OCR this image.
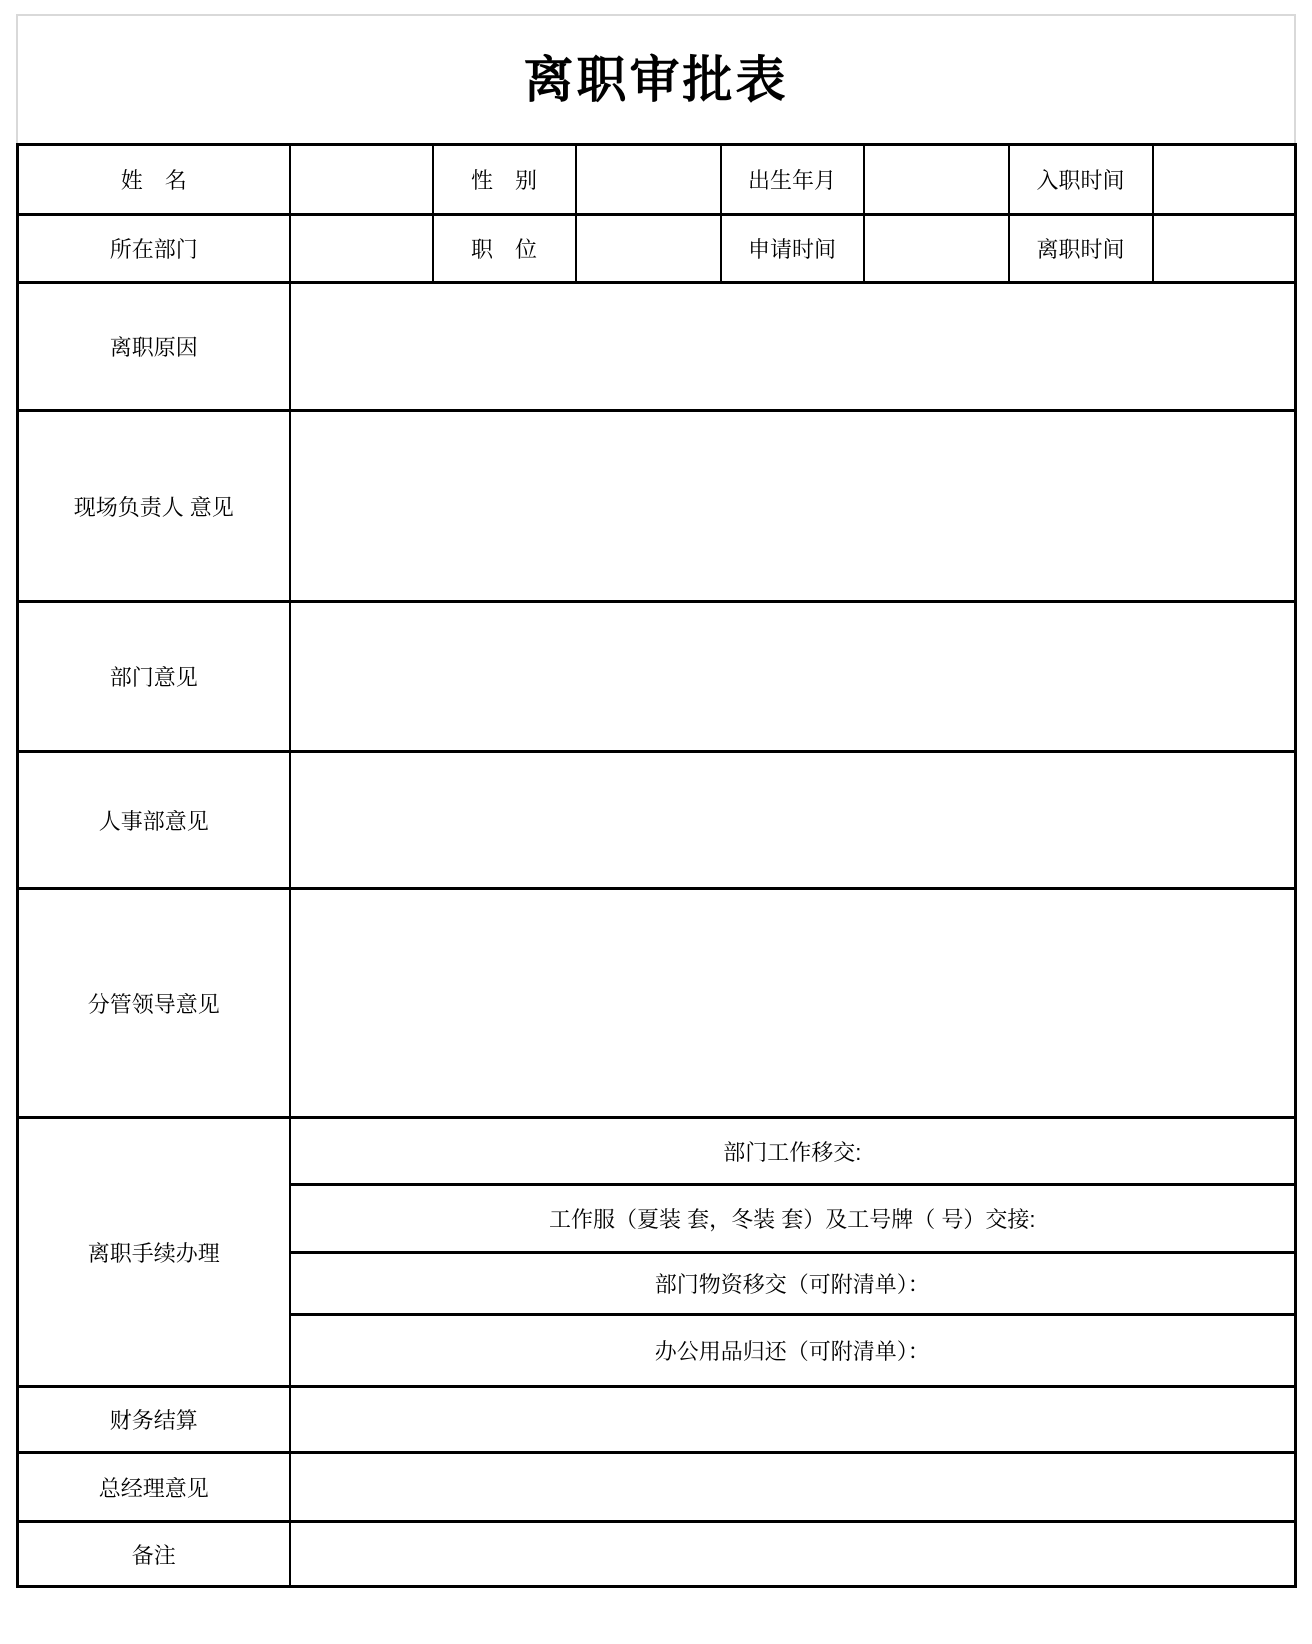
离职审批表
姓　名		性　别		出生年月		入职时间	
所在部门		职　位		申请时间		离职时间	
离职原因							
现场负责人 意见							
部门意见							
人事部意见							
分管领导意见							
离职手续办理	部门工作移交:						
	工作服（夏装 套，冬装 套）及工号牌（ 号）交接:						
	部门物资移交（可附清单）：						
	办公用品归还（可附清单）：						
财务结算							
总经理意见							
备注							
